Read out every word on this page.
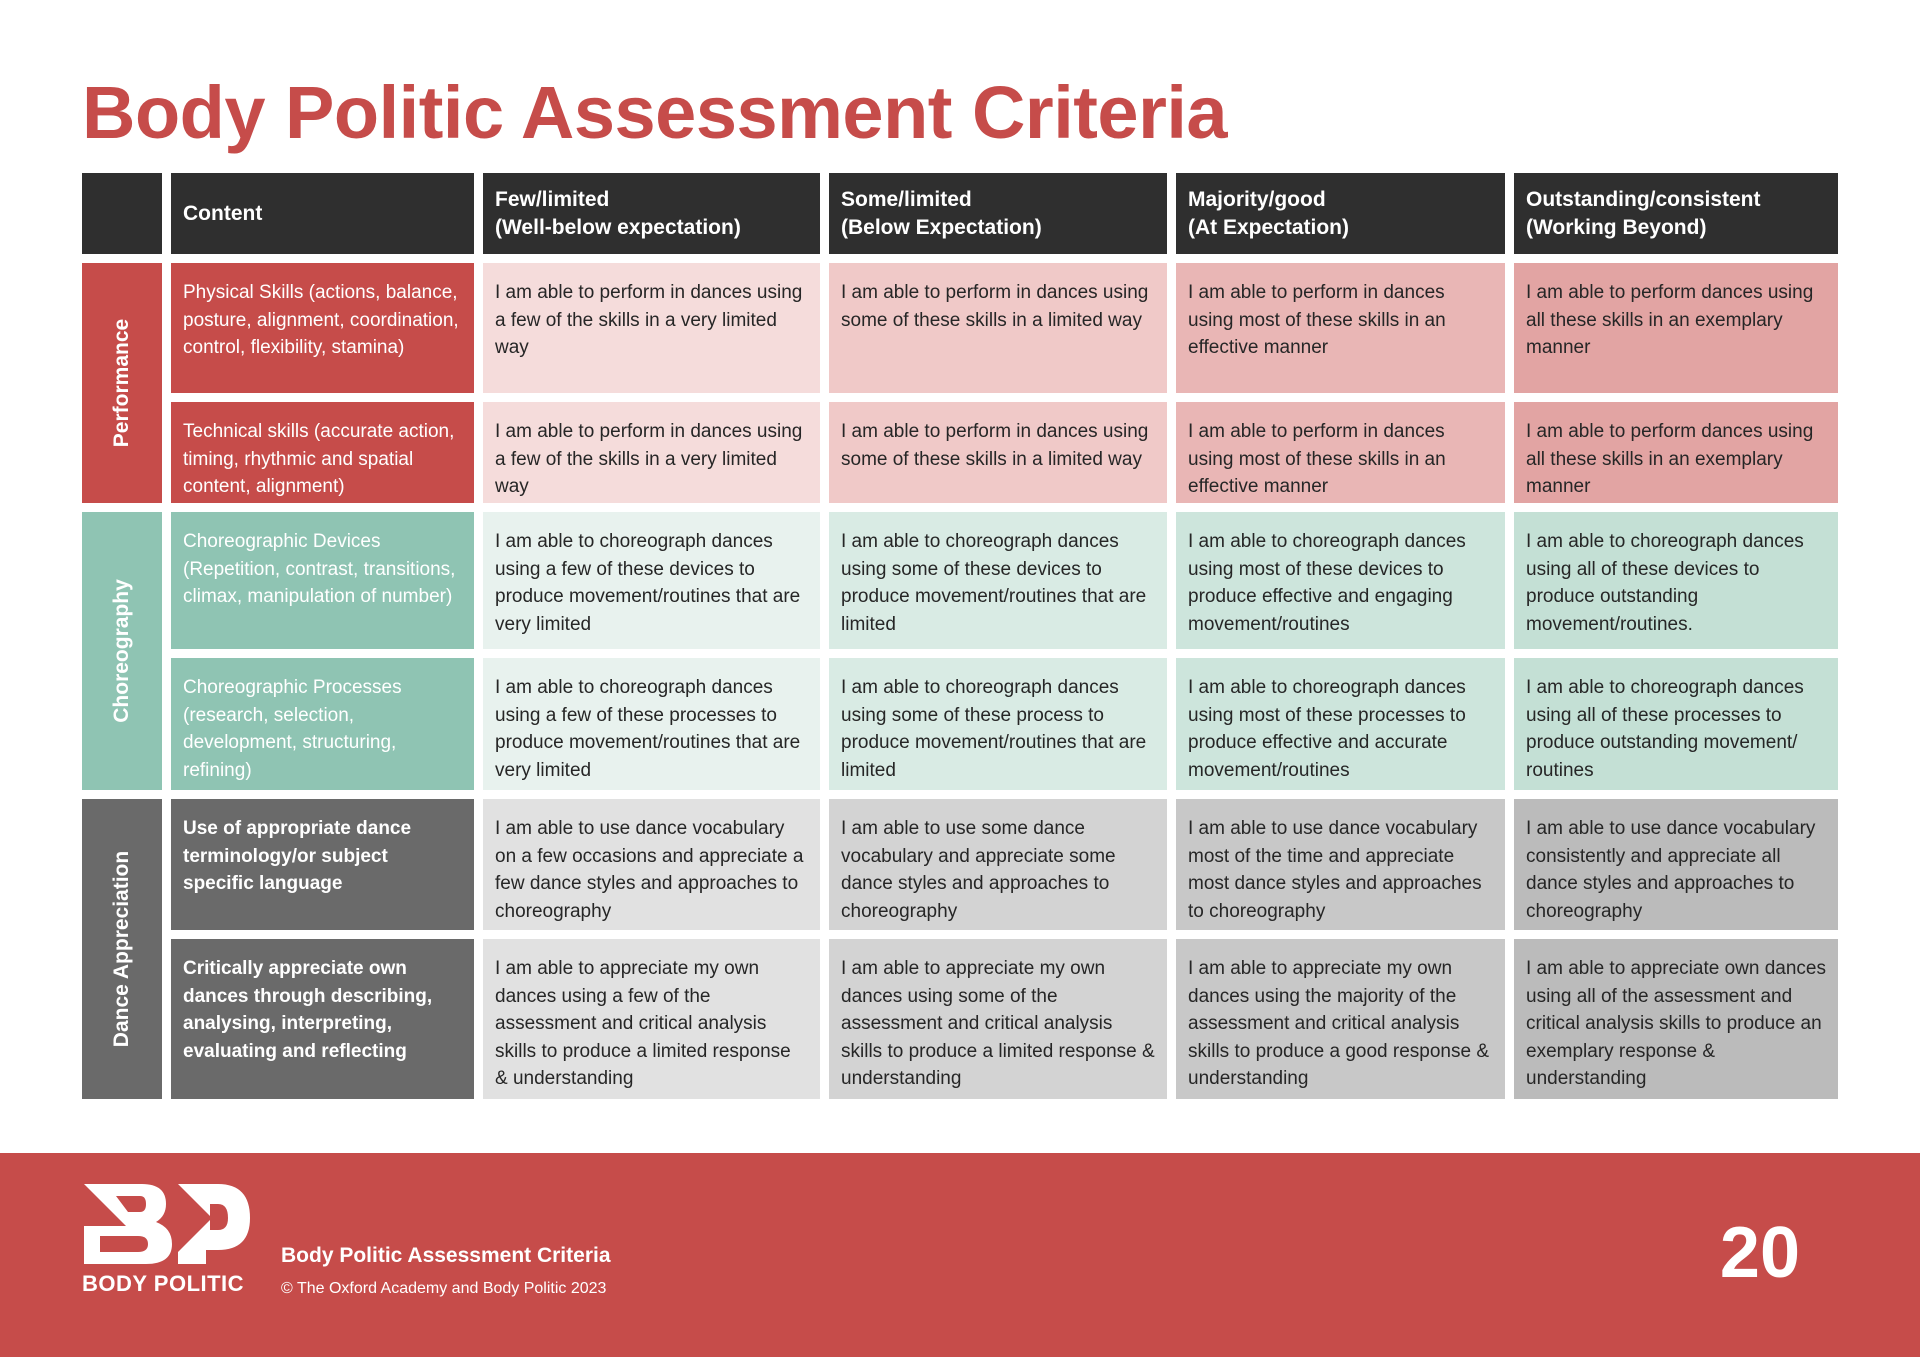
Body Politic Assessment Criteria
Content
Few/limited
(Well-below expectation)
Some/limited
(Below Expectation)
Majority/good
(At Expectation)
Outstanding/consistent
(Working Beyond)
Performance
Choreography
Dance Appreciation
Physical Skills (actions, balance, posture, alignment, coordination, control, flexibility, stamina)
I am able to perform in dances using a few of the skills in a very limited way
I am able to perform in dances using some of these skills in a limited way
I am able to perform in dances using most of these skills in an effective manner
I am able to perform dances using all these skills in an exemplary manner
Technical skills (accurate action, timing, rhythmic and spatial content, alignment)
I am able to perform in dances using a few of the skills in a very limited way
I am able to perform in dances using some of these skills in a limited way
I am able to perform in dances using most of these skills in an effective manner
I am able to perform dances using all these skills in an exemplary manner
Choreographic Devices (Repetition, contrast, transitions, climax, manipulation of number)
I am able to choreograph dances using a few of these devices to produce movement/routines that are very limited
I am able to choreograph dances using some of these devices to produce movement/routines that are limited
I am able to choreograph dances using most of these devices to produce effective and engaging movement/routines
I am able to choreograph dances using all of these devices to produce outstanding movement/routines.
Choreographic Processes (research, selection, development, structuring, refining)
I am able to choreograph dances using a few of these processes to produce movement/routines that are very limited
I am able to choreograph dances using some of these process to produce movement/routines that are limited
I am able to choreograph dances using most of these processes to produce effective and accurate movement/routines
I am able to choreograph dances using all of these processes to produce outstanding movement/ routines
Use of appropriate dance terminology/or subject specific language
I am able to use dance vocabulary on a few occasions and appreciate a few dance styles and approaches to choreography
I am able to use some dance vocabulary and appreciate some dance styles and approaches to choreography
I am able to use dance vocabulary most of the time and appreciate most dance styles and approaches to choreography
I am able to use dance vocabulary consistently and appreciate all dance styles and approaches to choreography
Critically appreciate own dances through describing, analysing, interpreting, evaluating and reflecting
I am able to appreciate my own dances using a few of the assessment and critical analysis skills to produce a limited response & understanding
I am able to appreciate my own dances using some of the assessment and critical analysis skills to produce a limited response & understanding
I am able to appreciate my own dances using the majority of the assessment and critical analysis skills to produce a good response & understanding
I am able to appreciate own dances using all of the assessment and critical analysis skills to produce an exemplary response & understanding
BODY POLITIC
Body Politic Assessment Criteria
© The Oxford Academy and Body Politic 2023	20
